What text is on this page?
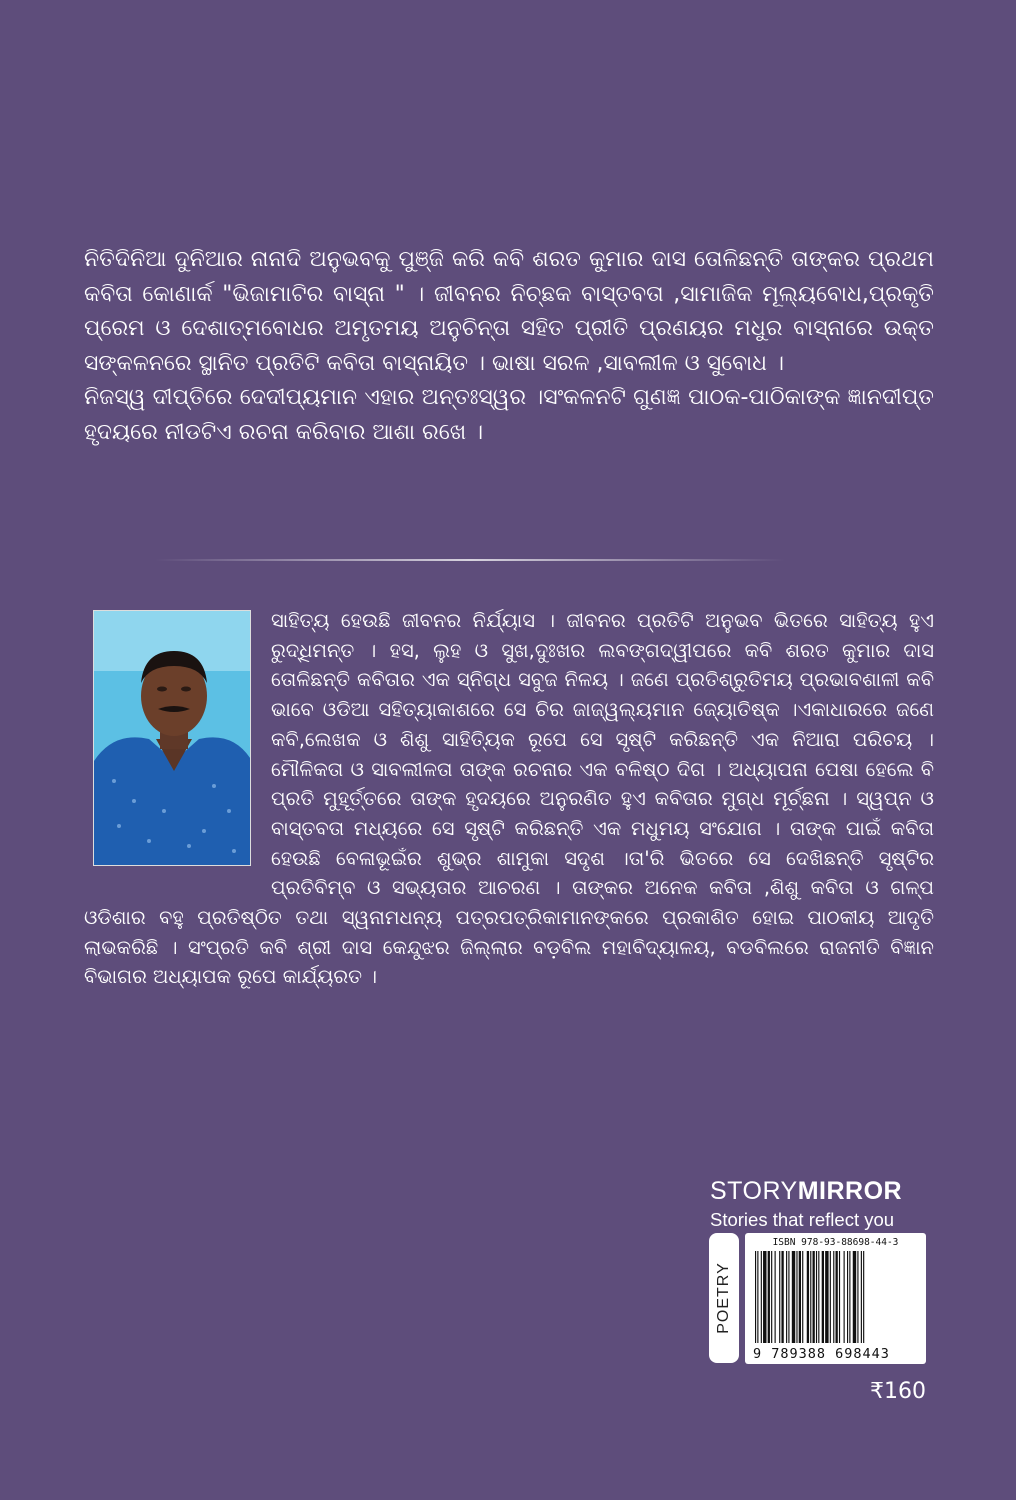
ନିତିଦିନିଆ ଦୁନିଆର ନାନାଦି ଅନୁଭବକୁ ପୁଞ୍ଜି କରି କବି ଶରତ କୁମାର ଦାସ ତୋଳିଛନ୍ତି ତାଙ୍କର ପ୍ରଥମ କବିତା କୋଣାର୍କ "ଭିଜାମାଟିର ବାସ୍ନା " । ଜୀବନର ନିଚ୍ଛକ ବାସ୍ତବତା ,ସାମାଜିକ ମୂଲ୍ୟବୋଧ,ପ୍ରକୃତି ପ୍ରେମ ଓ ଦେଶାତ୍ମବୋଧର ଅମୃତମୟ ଅନୁଚିନ୍ତା ସହିତ ପ୍ରୀତି ପ୍ରଣୟର ମଧୁର ବାସ୍ନାରେ ଉକ୍ତ ସଙ୍କଳନରେ ସ୍ଥାନିତ ପ୍ରତିଟି କବିତା ବାସ୍ନାୟିତ । ଭାଷା ସରଳ ,ସାବଲୀଳ ଓ ସୁବୋଧ ।

ନିଜସ୍ୱ ଦୀପ୍ତିରେ ଦେଦୀପ୍ୟମାନ ଏହାର ଅନ୍ତଃସ୍ୱର ।ସଂକଳନଟି ଗୁଣଜ୍ଞ ପାଠକ-ପାଠିକାଙ୍କ ଜ୍ଞାନଦୀପ୍ତ ହୃଦୟରେ ନୀଡଟିଏ ରଚନା କରିବାର ଆଶା ରଖେ ।

ସାହିତ୍ୟ ହେଉଛି ଜୀବନର ନିର୍ଯ୍ୟାସ । ଜୀବନର ପ୍ରତିଟି ଅନୁଭବ ଭିତରେ ସାହିତ୍ୟ ହୁଏ ରୁଦ୍ଧିମନ୍ତ । ହସ, ଲୁହ ଓ ସୁଖ,ଦୁଃଖର ଲବଙ୍ଗଦ୍ୱୀପରେ କବି ଶରତ କୁମାର ଦାସ ତୋଳିଛନ୍ତି କବିତାର ଏକ ସ୍ନିଗ୍ଧ ସବୁଜ ନିଳୟ । ଜଣେ ପ୍ରତିଶ୍ରୁତିମୟ ପ୍ରଭାବଶାଳୀ କବି ଭାବେ ଓଡିଆ ସହିତ୍ୟାକାଶରେ ସେ ଚିର ଜାଜ୍ୱଲ୍ୟମାନ ଜ୍ୟୋତିଷ୍କ ।ଏକାଧାରରେ ଜଣେ କବି,ଲେଖକ ଓ ଶିଶୁ ସାହିତ୍ୟିକ ରୂପେ ସେ ସୃଷ୍ଟି କରିଛନ୍ତି ଏକ ନିଆରା ପରିଚୟ । ମୌଳିକତା ଓ ସାବଲୀଳତା ତାଙ୍କ ରଚନାର ଏକ ବଳିଷ୍ଠ ଦିଗ । ଅଧ୍ୟାପନା ପେଷା ହେଲେ ବି ପ୍ରତି ମୁହୂର୍ତ୍ତରେ ତାଙ୍କ ହୃଦୟରେ ଅନୁରଣିତ ହୁଏ କବିତାର ମୁଗ୍ଧ ମୂର୍ଚ୍ଛନା । ସ୍ୱପ୍ନ ଓ ବାସ୍ତବତା ମଧ୍ୟରେ ସେ ସୃଷ୍ଟି କରିଛନ୍ତି ଏକ ମଧୁମୟ ସଂଯୋଗ । ତାଙ୍କ ପାଇଁ କବିତା ହେଉଛି ବେଳାଭୂଇଁର ଶୁଭ୍ର ଶାମୁକା ସଦୃଶ ।ତା'ରି ଭିତରେ ସେ ଦେଖିଛନ୍ତି ସୃଷ୍ଟିର ପ୍ରତିବିମ୍ବ ଓ ସଭ୍ୟତାର ଆଚରଣ । ତାଙ୍କର ଅନେକ କବିତା ,ଶିଶୁ କବିତା ଓ ଗଳ୍ପ ଓଡିଶାର ବହୁ ପ୍ରତିଷ୍ଠିତ ତଥା ସ୍ୱନାମଧନ୍ୟ ପତ୍ରପତ୍ରିକାମାନଙ୍କରେ ପ୍ରକାଶିତ ହୋଇ ପାଠକୀୟ ଆଦୃତି ଲାଭକରିଛି । ସଂପ୍ରତି କବି ଶ୍ରୀ ଦାସ କେନ୍ଦୁଝର ଜିଲ୍ଲାର ବଡ଼ବିଲ ମହାବିଦ୍ୟାଳୟ, ବଡବିଲରେ ରାଜନୀତି ବିଜ୍ଞାନ ବିଭାଗର ଅଧ୍ୟାପକ ରୂପେ କାର୍ଯ୍ୟରତ ।

STORYMIRROR
Stories that reflect you
POETRY
ISBN 978-93-88698-44-3
9 789388 698443
₹160
